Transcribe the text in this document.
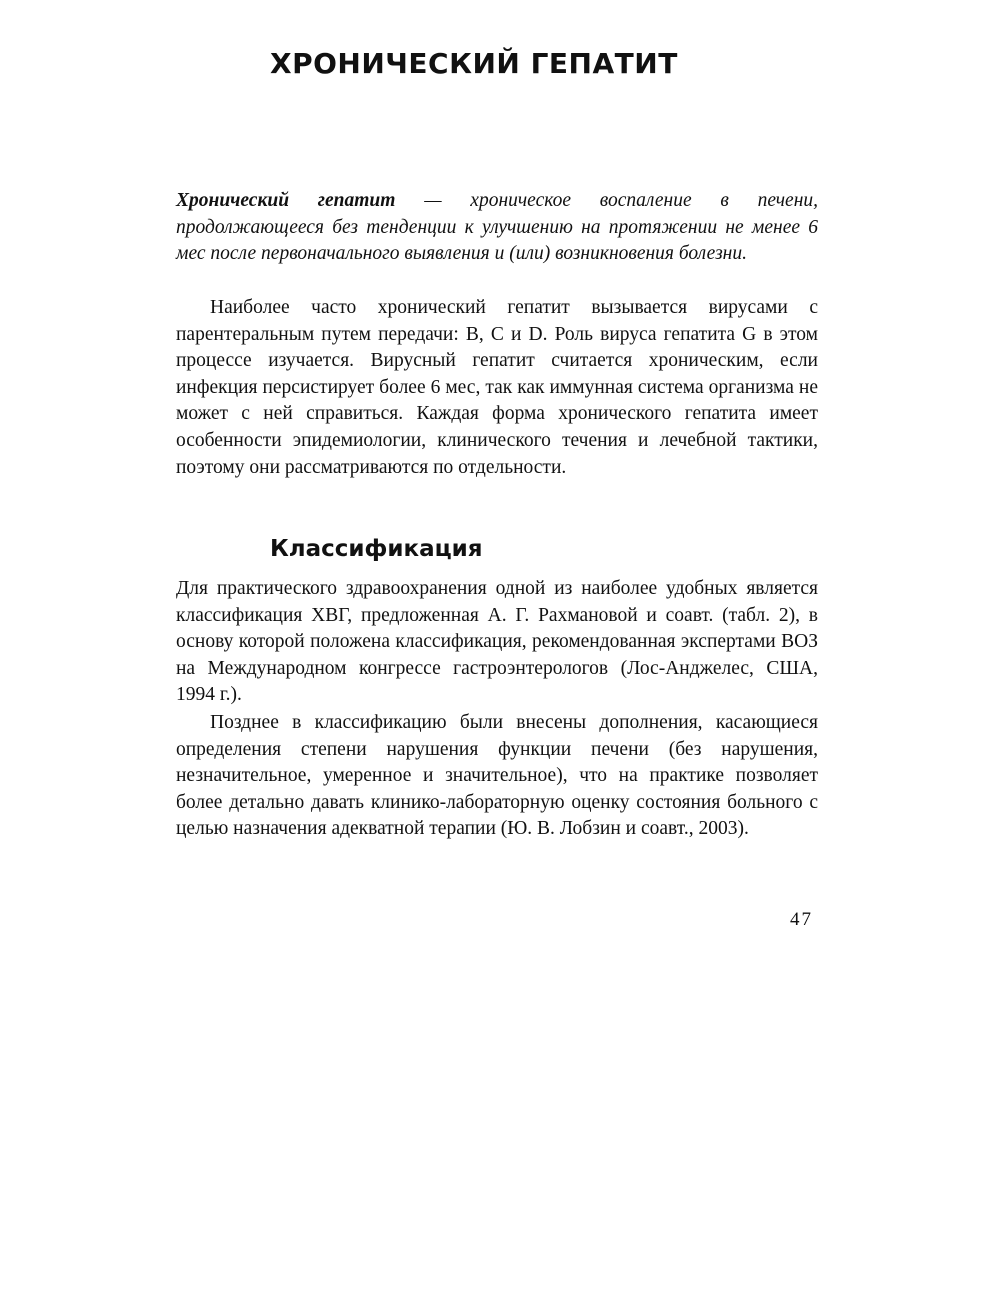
ХРОНИЧЕСКИЙ ГЕПАТИТ

Хронический гепатит — хроническое воспаление в печени, продолжающееся без тенденции к улучшению на протяжении не менее 6 мес после первоначального выявления и (или) возникновения болезни.

Наиболее часто хронический гепатит вызывается вирусами с парентеральным путем передачи: B, C и D. Роль вируса гепатита G в этом процессе изучается. Вирусный гепатит считается хроническим, если инфекция персистирует более 6 мес, так как иммунная система организма не может с ней справиться. Каждая форма хронического гепатита имеет особенности эпидемиологии, клинического течения и лечебной тактики, поэтому они рассматриваются по отдельности.

Классификация

Для практического здравоохранения одной из наиболее удобных является классификация ХВГ, предложенная А. Г. Рахмановой и соавт. (табл. 2), в основу которой положена классификация, рекомендованная экспертами ВОЗ на Международном конгрессе гастроэнтерологов (Лос-Анджелес, США, 1994 г.).

Позднее в классификацию были внесены дополнения, касающиеся определения степени нарушения функции печени (без нарушения, незначительное, умеренное и значительное), что на практике позволяет более детально давать клинико-лабораторную оценку состояния больного с целью назначения адекватной терапии (Ю. В. Лобзин и соавт., 2003).

47
